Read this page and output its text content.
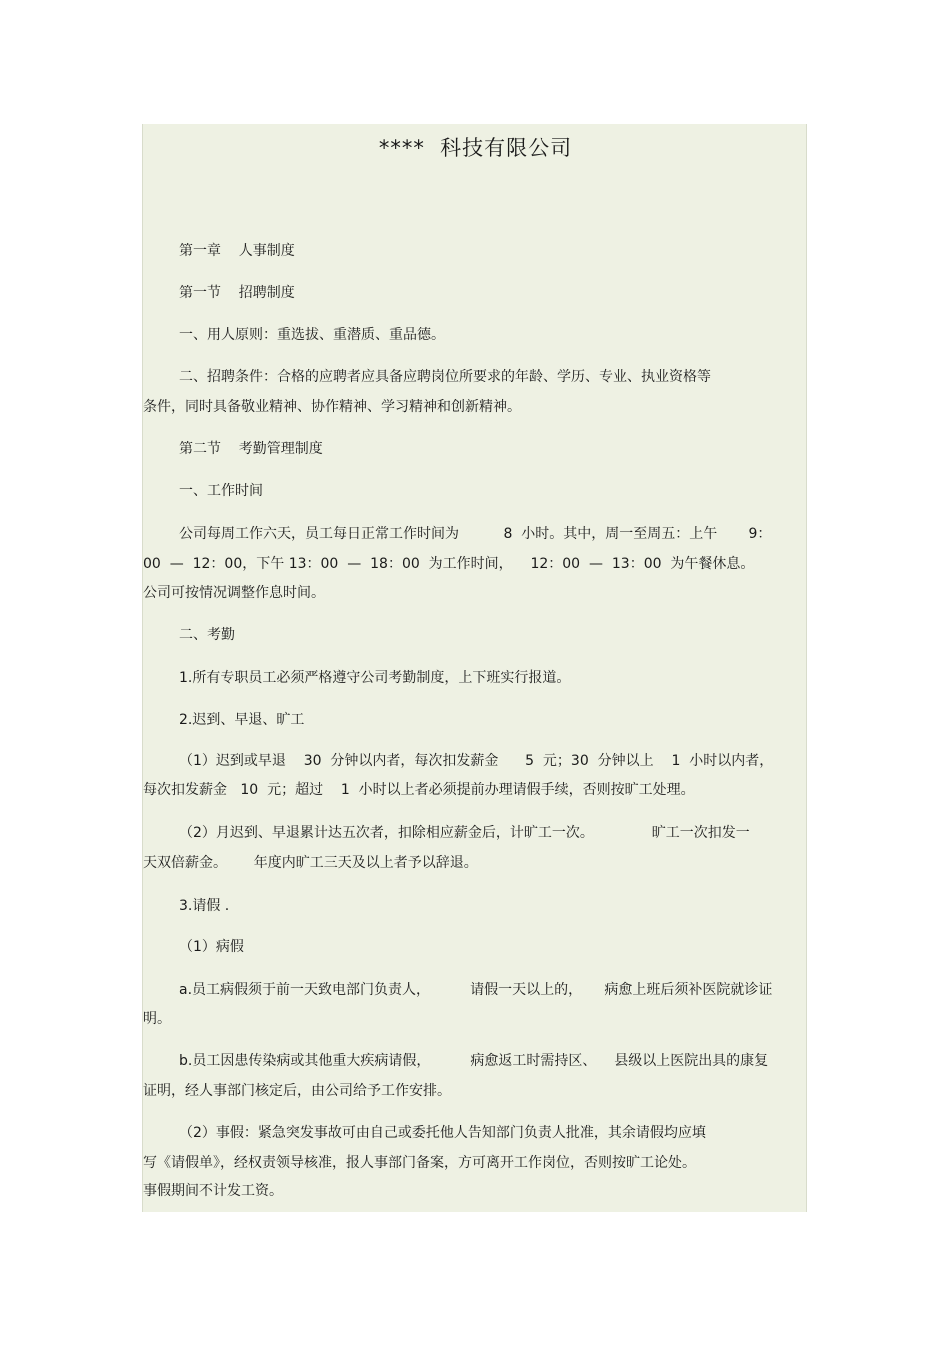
****  科技有限公司
第一章    人事制度
第一节    招聘制度
一、用人原则：重选拔、重潜质、重品德。
二、招聘条件：合格的应聘者应具备应聘岗位所要求的年龄、学历、专业、执业资格等
条件，同时具备敬业精神、协作精神、学习精神和创新精神。
第二节    考勤管理制度
一、工作时间
公司每周工作六天，员工每日正常工作时间为          8  小时。其中，周一至周五：上午       9：
00  —  12：00，下午 13：00  —  18：00  为工作时间，    12：00  —  13：00  为午餐休息。
公司可按情况调整作息时间。
二、考勤
1.所有专职员工必须严格遵守公司考勤制度，上下班实行报道。
2.迟到、早退、旷工
（1）迟到或早退    30  分钟以内者，每次扣发薪金      5  元；30  分钟以上    1  小时以内者，
每次扣发薪金   10  元；超过    1  小时以上者必须提前办理请假手续，否则按旷工处理。
（2）月迟到、早退累计达五次者，扣除相应薪金后，计旷工一次。             旷工一次扣发一
天双倍薪金。      年度内旷工三天及以上者予以辞退。
3.请假 .
（1）病假
a.员工病假须于前一天致电部门负责人，         请假一天以上的，     病愈上班后须补医院就诊证
明。
b.员工因患传染病或其他重大疾病请假，         病愈返工时需持区、    县级以上医院出具的康复
证明，经人事部门核定后，由公司给予工作安排。
（2）事假：紧急突发事故可由自己或委托他人告知部门负责人批准，其余请假均应填
写《请假单》，经权责领导核准，报人事部门备案，方可离开工作岗位，否则按旷工论处。
事假期间不计发工资。
